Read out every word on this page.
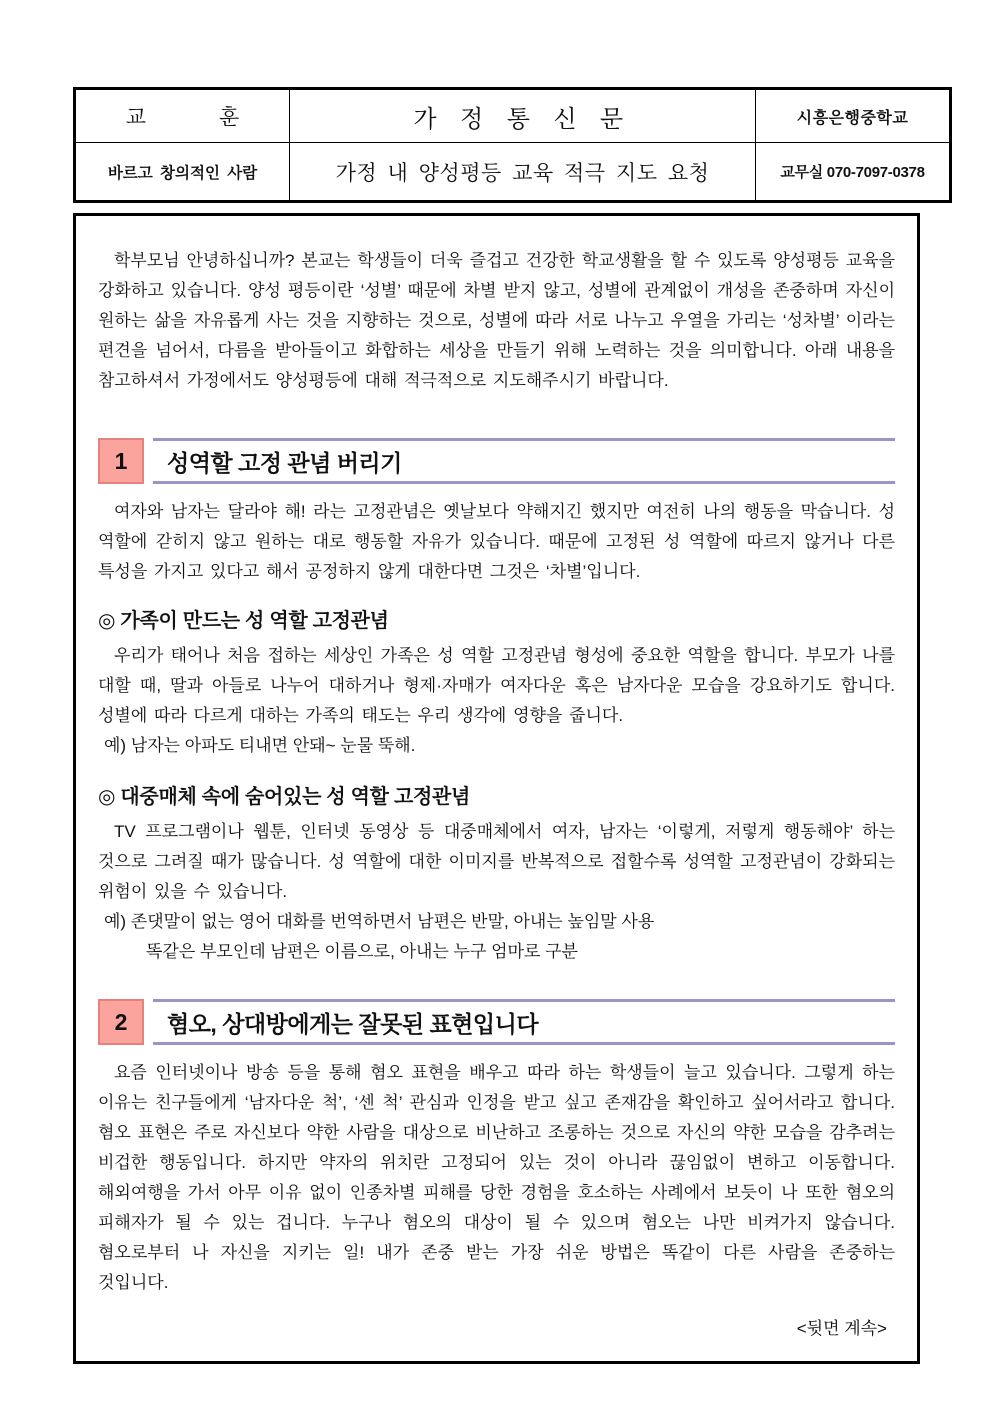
교 훈	가 정 통 신 문	시흥은행중학교
바르고 창의적인 사람	가정 내 양성평등 교육 적극 지도 요청	교무실 070-7097-0378

학부모님 안녕하십니까? 본교는 학생들이 더욱 즐겁고 건강한 학교생활을 할 수 있도록 양성평등 교육을 강화하고 있습니다. 양성 평등이란 ‘성별’ 때문에 차별 받지 않고, 성별에 관계없이 개성을 존중하며 자신이 원하는 삶을 자유롭게 사는 것을 지향하는 것으로, 성별에 따라 서로 나누고 우열을 가리는 ‘성차별’ 이라는 편견을 넘어서, 다름을 받아들이고 화합하는 세상을 만들기 위해 노력하는 것을 의미합니다. 아래 내용을 참고하셔서 가정에서도 양성평등에 대해 적극적으로 지도해주시기 바랍니다.

1	성역할 고정 관념 버리기

여자와 남자는 달라야 해! 라는 고정관념은 옛날보다 약해지긴 했지만 여전히 나의 행동을 막습니다. 성 역할에 갇히지 않고 원하는 대로 행동할 자유가 있습니다. 때문에 고정된 성 역할에 따르지 않거나 다른 특성을 가지고 있다고 해서 공정하지 않게 대한다면 그것은 ‘차별’입니다.

◎ 가족이 만드는 성 역할 고정관념

우리가 태어나 처음 접하는 세상인 가족은 성 역할 고정관념 형성에 중요한 역할을 합니다. 부모가 나를 대할 때, 딸과 아들로 나누어 대하거나 형제·자매가 여자다운 혹은 남자다운 모습을 강요하기도 합니다. 성별에 따라 다르게 대하는 가족의 태도는 우리 생각에 영향을 줍니다.

예) 남자는 아파도 티내면 안돼~ 눈물 뚝해.

◎ 대중매체 속에 숨어있는 성 역할 고정관념

TV 프로그램이나 웹툰, 인터넷 동영상 등 대중매체에서 여자, 남자는 ‘이렇게, 저렇게 행동해야’ 하는 것으로 그려질 때가 많습니다. 성 역할에 대한 이미지를 반복적으로 접할수록 성역할 고정관념이 강화되는 위험이 있을 수 있습니다.

예) 존댓말이 없는 영어 대화를 번역하면서 남편은 반말, 아내는 높임말 사용

똑같은 부모인데 남편은 이름으로, 아내는 누구 엄마로 구분

2	혐오, 상대방에게는 잘못된 표현입니다

요즘 인터넷이나 방송 등을 통해 혐오 표현을 배우고 따라 하는 학생들이 늘고 있습니다. 그렇게 하는 이유는 친구들에게 ‘남자다운 척’, ‘센 척’ 관심과 인정을 받고 싶고 존재감을 확인하고 싶어서라고 합니다. 혐오 표현은 주로 자신보다 약한 사람을 대상으로 비난하고 조롱하는 것으로 자신의 약한 모습을 감추려는 비겁한 행동입니다. 하지만 약자의 위치란 고정되어 있는 것이 아니라 끊임없이 변하고 이동합니다. 해외여행을 가서 아무 이유 없이 인종차별 피해를 당한 경험을 호소하는 사례에서 보듯이 나 또한 혐오의 피해자가 될 수 있는 겁니다. 누구나 혐오의 대상이 될 수 있으며 혐오는 나만 비켜가지 않습니다. 혐오로부터 나 자신을 지키는 일! 내가 존중 받는 가장 쉬운 방법은 똑같이 다른 사람을 존중하는 것입니다.

<뒷면 계속>
